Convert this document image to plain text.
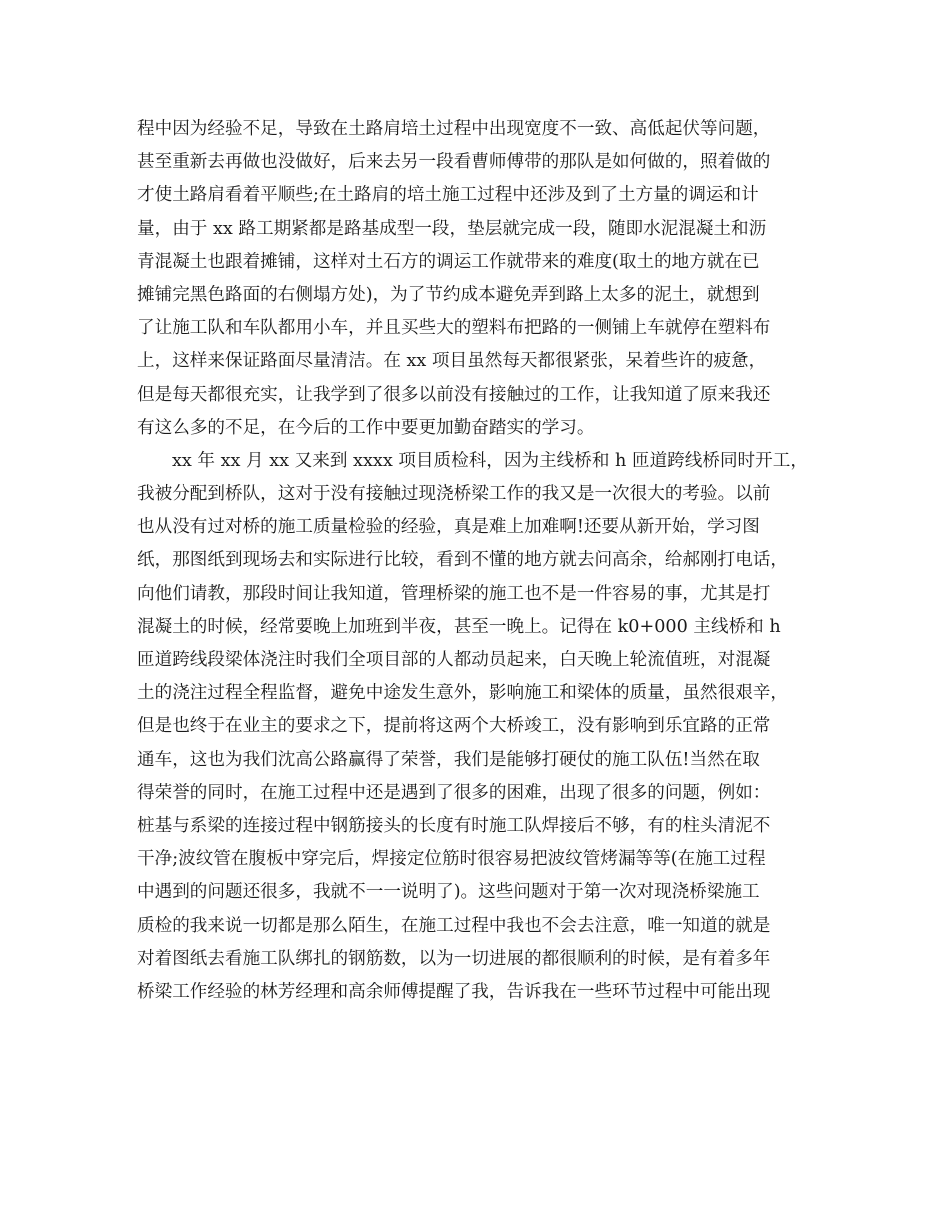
程中因为经验不足，导致在土路肩培土过程中出现宽度不一致、高低起伏等问题，
甚至重新去再做也没做好，后来去另一段看曹师傅带的那队是如何做的，照着做的
才使土路肩看着平顺些;在土路肩的培土施工过程中还涉及到了土方量的调运和计
量，由于 xx 路工期紧都是路基成型一段，垫层就完成一段，随即水泥混凝土和沥
青混凝土也跟着摊铺，这样对土石方的调运工作就带来的难度(取土的地方就在已
摊铺完黑色路面的右侧塌方处)，为了节约成本避免弄到路上太多的泥土，就想到
了让施工队和车队都用小车，并且买些大的塑料布把路的一侧铺上车就停在塑料布
上，这样来保证路面尽量清洁。在 xx 项目虽然每天都很紧张，呆着些许的疲惫，
但是每天都很充实，让我学到了很多以前没有接触过的工作，让我知道了原来我还
有这么多的不足，在今后的工作中要更加勤奋踏实的学习。
xx 年 xx 月 xx 又来到 xxxx 项目质检科，因为主线桥和 h 匝道跨线桥同时开工，
我被分配到桥队，这对于没有接触过现浇桥梁工作的我又是一次很大的考验。以前
也从没有过对桥的施工质量检验的经验，真是难上加难啊!还要从新开始，学习图
纸，那图纸到现场去和实际进行比较，看到不懂的地方就去问高余，给郝刚打电话，
向他们请教，那段时间让我知道，管理桥梁的施工也不是一件容易的事，尤其是打
混凝土的时候，经常要晚上加班到半夜，甚至一晚上。记得在 k0+000 主线桥和 h
匝道跨线段梁体浇注时我们全项目部的人都动员起来，白天晚上轮流值班，对混凝
土的浇注过程全程监督，避免中途发生意外，影响施工和梁体的质量，虽然很艰辛，
但是也终于在业主的要求之下，提前将这两个大桥竣工，没有影响到乐宜路的正常
通车，这也为我们沈高公路赢得了荣誉，我们是能够打硬仗的施工队伍!当然在取
得荣誉的同时，在施工过程中还是遇到了很多的困难，出现了很多的问题，例如：
桩基与系梁的连接过程中钢筋接头的长度有时施工队焊接后不够，有的柱头清泥不
干净;波纹管在腹板中穿完后，焊接定位筋时很容易把波纹管烤漏等等(在施工过程
中遇到的问题还很多，我就不一一说明了)。这些问题对于第一次对现浇桥梁施工
质检的我来说一切都是那么陌生，在施工过程中我也不会去注意，唯一知道的就是
对着图纸去看施工队绑扎的钢筋数，以为一切进展的都很顺利的时候，是有着多年
桥梁工作经验的林芳经理和高余师傅提醒了我，告诉我在一些环节过程中可能出现
